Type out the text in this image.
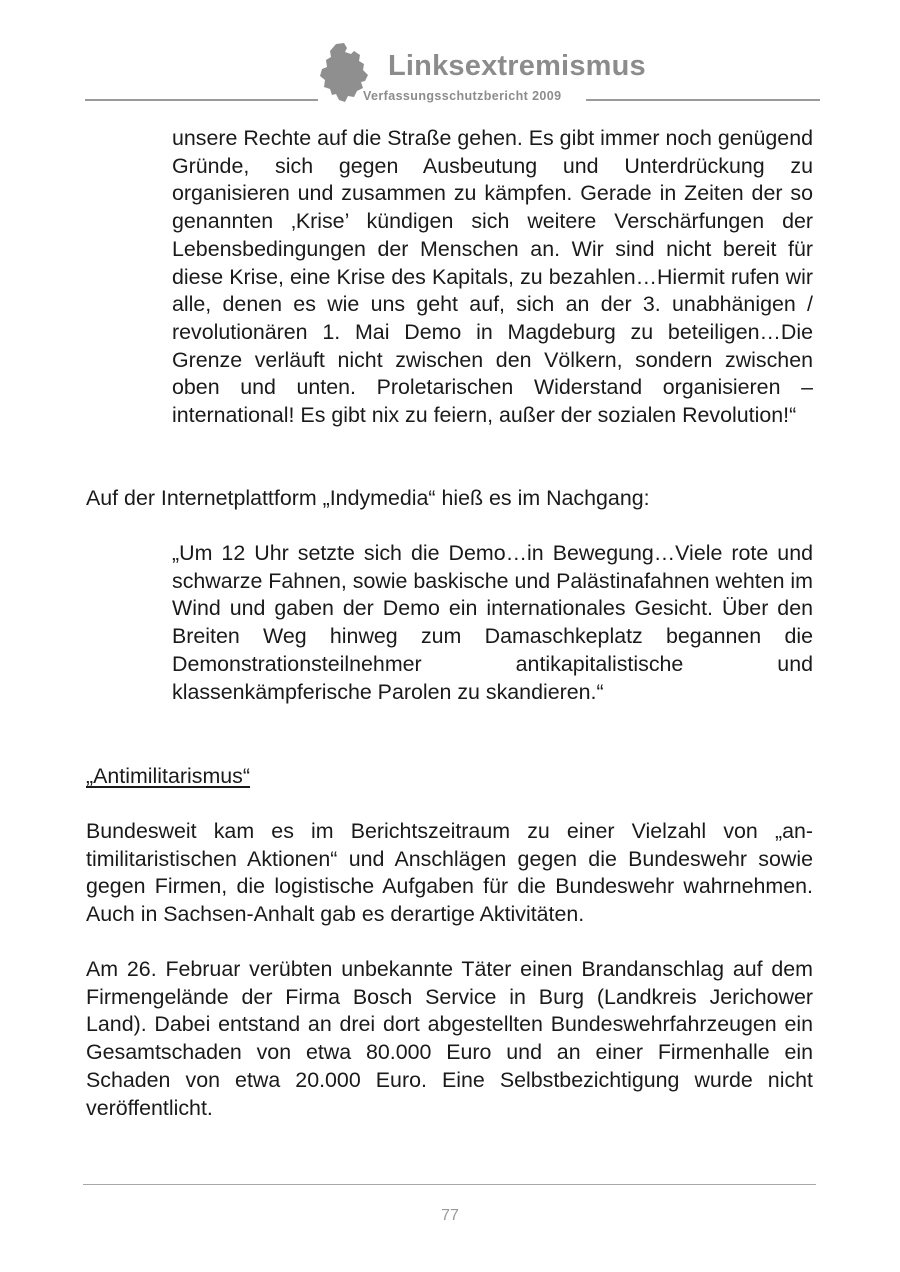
Linksextremismus
Verfassungsschutzbericht 2009

unsere Rechte auf die Straße gehen. Es gibt immer noch genügend Gründe, sich gegen Ausbeutung und Unterdrückung zu organisieren und zusammen zu kämpfen. Gerade in Zeiten der so genannten ‚Krise’ kündigen sich weitere Verschärfungen der Lebensbedingungen der Menschen an. Wir sind nicht bereit für diese Krise, eine Krise des Kapitals, zu bezahlen…Hiermit rufen wir alle, denen es wie uns geht auf, sich an der 3. unabhänigen / revolutionären 1. Mai Demo in Magdeburg zu beteiligen…Die Grenze verläuft nicht zwischen den Völkern, sondern zwischen oben und unten. Proletarischen Widerstand organisieren – international! Es gibt nix zu feiern, außer der sozialen Revolution!“

Auf der Internetplattform „Indymedia“ hieß es im Nachgang:

„Um 12 Uhr setzte sich die Demo…in Bewegung…Viele rote und schwarze Fahnen, sowie baskische und Palästinafahnen wehten im Wind und gaben der Demo ein internationales Gesicht. Über den Breiten Weg hinweg zum Damaschkeplatz begannen die Demonstrationsteilnehmer antikapitalistische und klassenkämpferische Parolen zu skandieren.“

„Antimilitarismus“

Bundesweit kam es im Berichtszeitraum zu einer Vielzahl von „antimilitaristischen Aktionen“ und Anschlägen gegen die Bundeswehr sowie gegen Firmen, die logistische Aufgaben für die Bundeswehr wahrnehmen. Auch in Sachsen-Anhalt gab es derartige Aktivitäten.

Am 26. Februar verübten unbekannte Täter einen Brandanschlag auf dem Firmengelände der Firma Bosch Service in Burg (Landkreis Jerichower Land). Dabei entstand an drei dort abgestellten Bundeswehrfahrzeugen ein Gesamtschaden von etwa 80.000 Euro und an einer Firmenhalle ein Schaden von etwa 20.000 Euro. Eine Selbstbezichtigung wurde nicht veröffentlicht.

77
